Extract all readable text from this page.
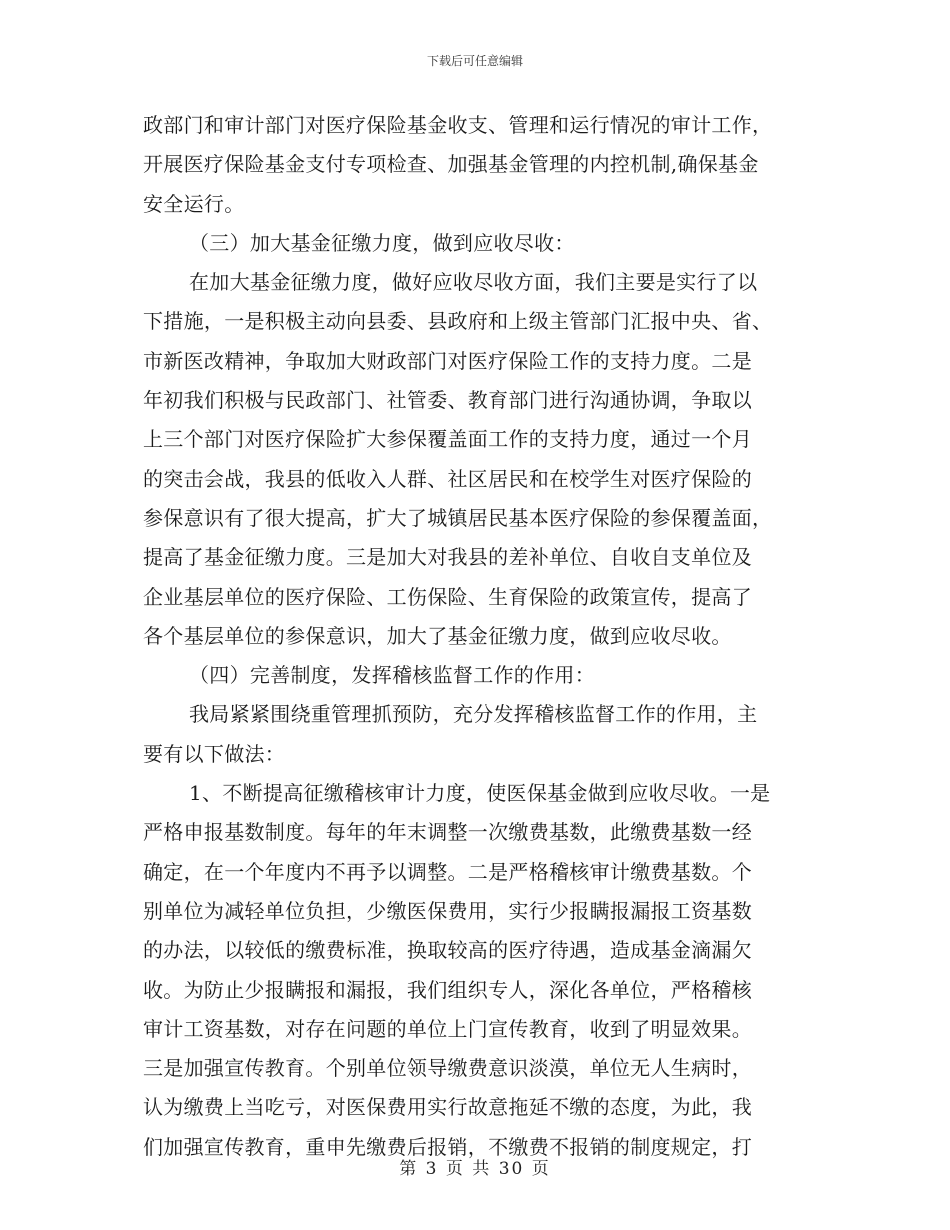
下载后可任意编辑
政部门和审计部门对医疗保险基金收支、管理和运行情况的审计工作，
开展医疗保险基金支付专项检查、加强基金管理的内控机制,确保基金
安全运行。
（三）加大基金征缴力度，做到应收尽收：
在加大基金征缴力度，做好应收尽收方面，我们主要是实行了以
下措施，一是积极主动向县委、县政府和上级主管部门汇报中央、省、
市新医改精神，争取加大财政部门对医疗保险工作的支持力度。二是
年初我们积极与民政部门、社管委、教育部门进行沟通协调，争取以
上三个部门对医疗保险扩大参保覆盖面工作的支持力度，通过一个月
的突击会战，我县的低收入人群、社区居民和在校学生对医疗保险的
参保意识有了很大提高，扩大了城镇居民基本医疗保险的参保覆盖面，
提高了基金征缴力度。三是加大对我县的差补单位、自收自支单位及
企业基层单位的医疗保险、工伤保险、生育保险的政策宣传，提高了
各个基层单位的参保意识，加大了基金征缴力度，做到应收尽收。
（四）完善制度，发挥稽核监督工作的作用：
我局紧紧围绕重管理抓预防，充分发挥稽核监督工作的作用，主
要有以下做法：
1、不断提高征缴稽核审计力度，使医保基金做到应收尽收。一是
严格申报基数制度。每年的年末调整一次缴费基数，此缴费基数一经
确定，在一个年度内不再予以调整。二是严格稽核审计缴费基数。个
别单位为减轻单位负担，少缴医保费用，实行少报瞒报漏报工资基数
的办法，以较低的缴费标准，换取较高的医疗待遇，造成基金滴漏欠
收。为防止少报瞒报和漏报，我们组织专人，深化各单位，严格稽核
审计工资基数，对存在问题的单位上门宣传教育，收到了明显效果。
三是加强宣传教育。个别单位领导缴费意识淡漠，单位无人生病时，
认为缴费上当吃亏，对医保费用实行故意拖延不缴的态度，为此，我
们加强宣传教育，重申先缴费后报销，不缴费不报销的制度规定，打
第 3 页 共 30 页
